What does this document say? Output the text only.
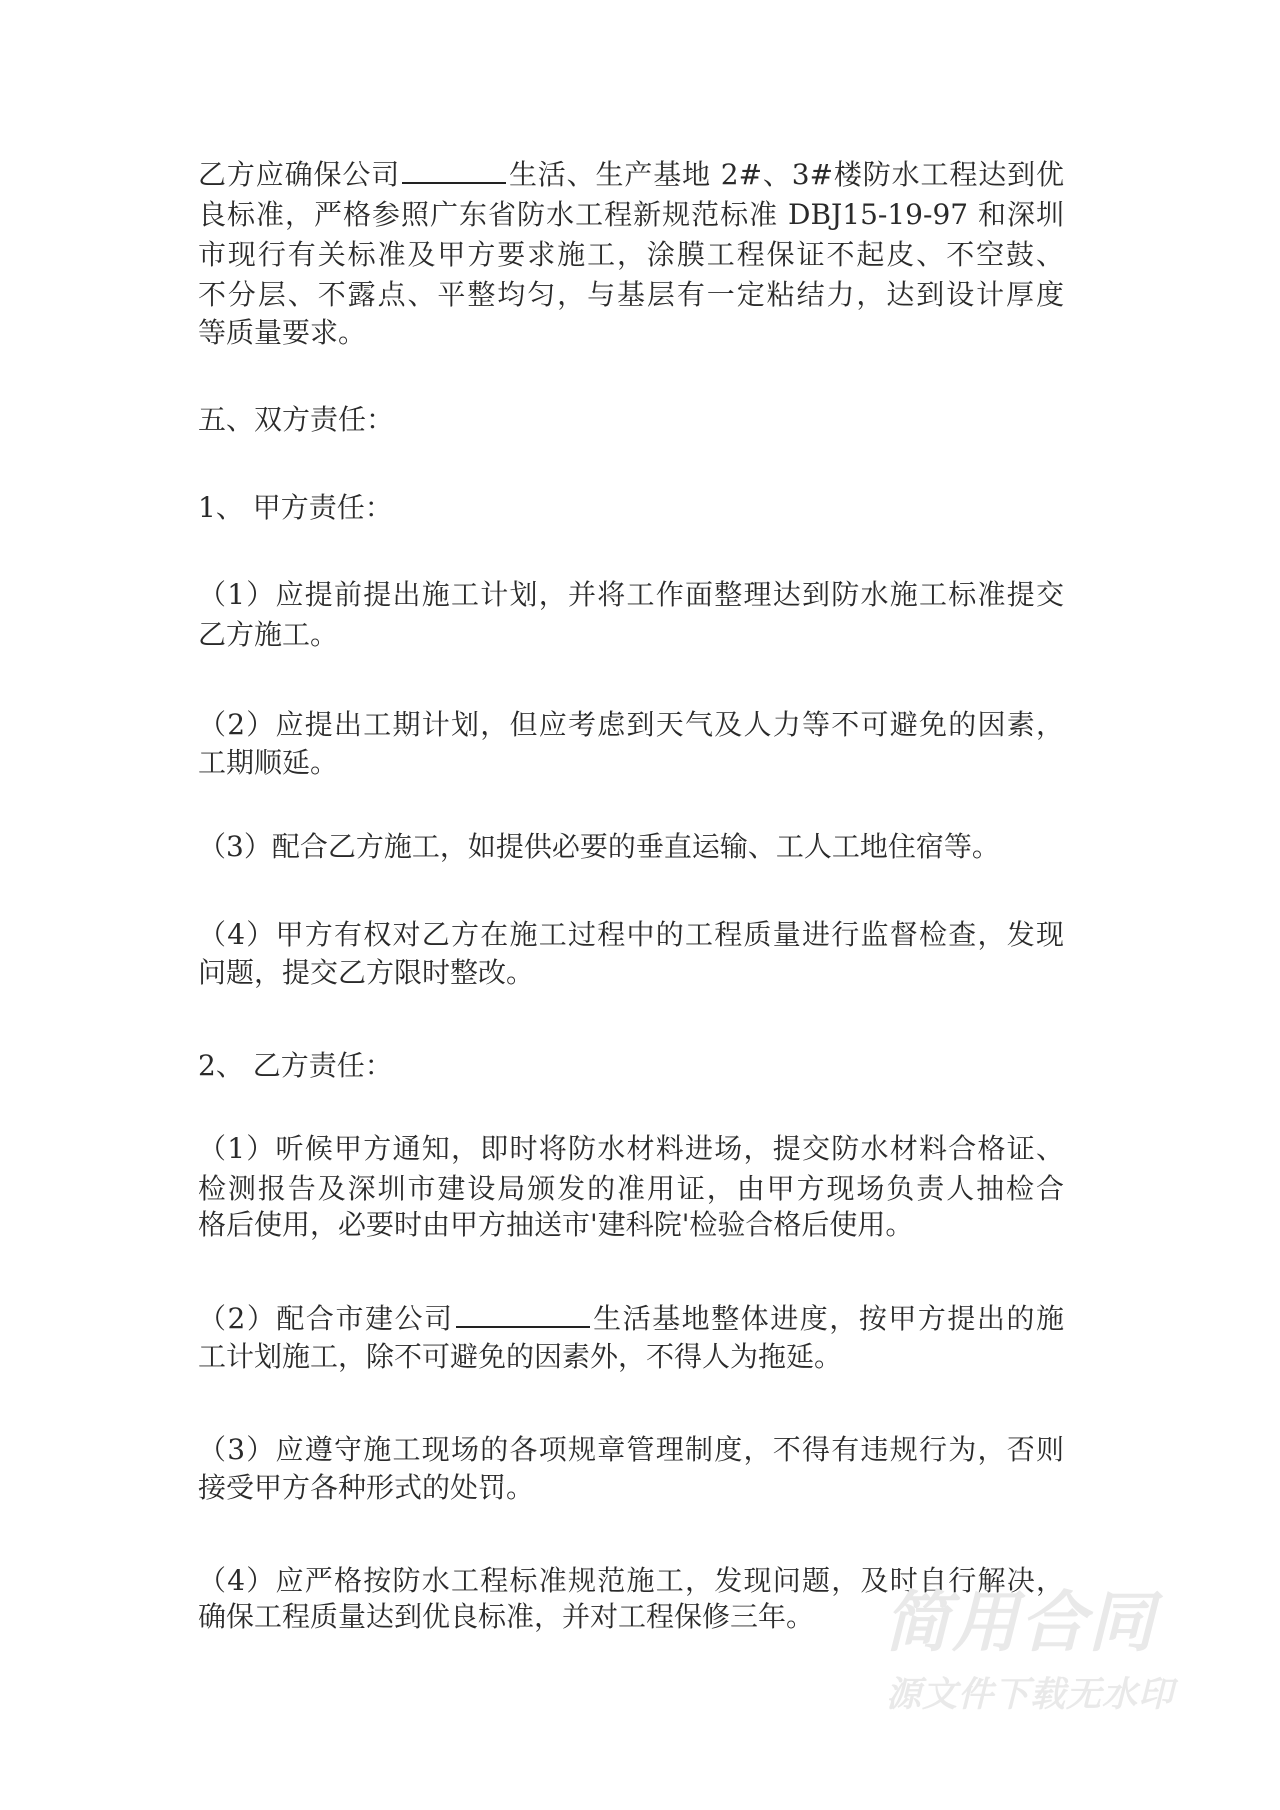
乙方应确保公司	生活、生产基地 2#、3#楼防水工程达到优
良标准，严格参照广东省防水工程新规范标准 DBJ15-19-97 和深圳
市现行有关标准及甲方要求施工，涂膜工程保证不起皮、不空鼓、
不分层、不露点、平整均匀，与基层有一定粘结力，达到设计厚度
等质量要求。
五、双方责任：
1、 甲方责任：
（1）应提前提出施工计划，并将工作面整理达到防水施工标准提交
乙方施工。
（2）应提出工期计划，但应考虑到天气及人力等不可避免的因素，
工期顺延。
（3）配合乙方施工，如提供必要的垂直运输、工人工地住宿等。
（4）甲方有权对乙方在施工过程中的工程质量进行监督检查，发现
问题，提交乙方限时整改。
2、 乙方责任：
（1）听候甲方通知，即时将防水材料进场，提交防水材料合格证、
检测报告及深圳市建设局颁发的准用证，由甲方现场负责人抽检合
格后使用，必要时由甲方抽送市'建科院'检验合格后使用。
（2）配合市建公司	生活基地整体进度，按甲方提出的施
工计划施工，除不可避免的因素外，不得人为拖延。
（3）应遵守施工现场的各项规章管理制度，不得有违规行为，否则
接受甲方各种形式的处罚。
（4）应严格按防水工程标准规范施工，发现问题，及时自行解决，
确保工程质量达到优良标准，并对工程保修三年。 简用合同
源文件下载无水印
